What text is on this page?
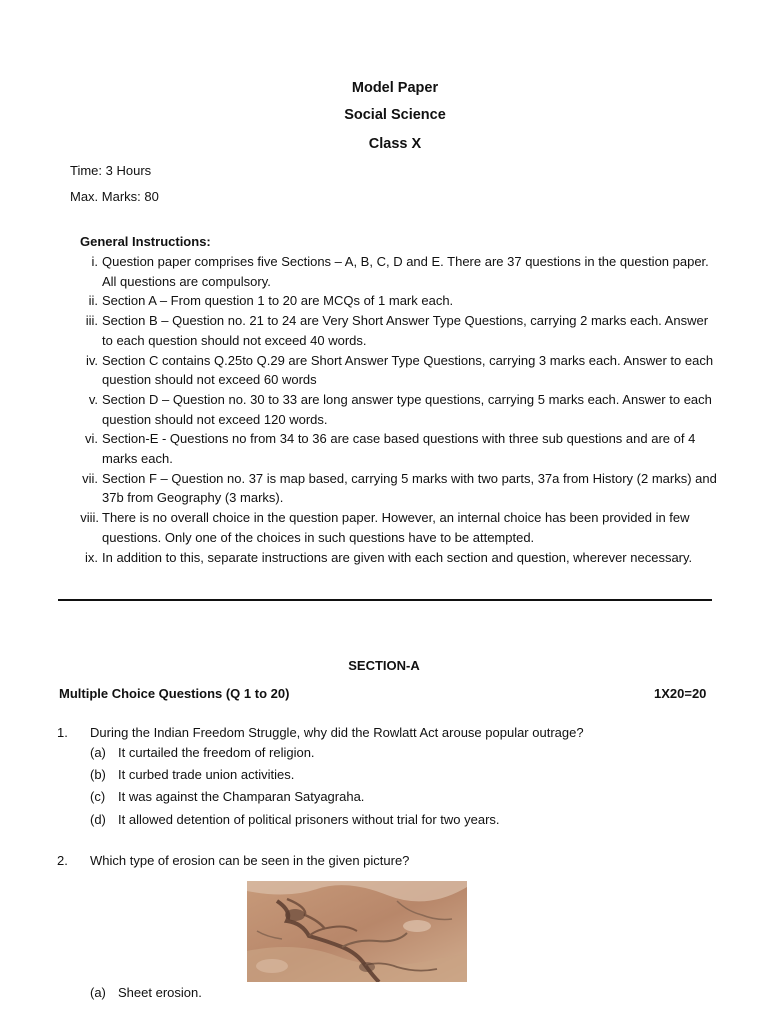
Model Paper
Social Science
Class X
Time: 3 Hours
Max. Marks: 80
General Instructions:
i. Question paper comprises five Sections – A, B, C, D and E. There are 37 questions in the question paper. All questions are compulsory.
ii. Section A – From question 1 to 20 are MCQs of 1 mark each.
iii. Section B – Question no. 21 to 24 are Very Short Answer Type Questions, carrying 2 marks each. Answer to each question should not exceed 40 words.
iv. Section C contains Q.25to Q.29 are Short Answer Type Questions, carrying 3 marks each. Answer to each question should not exceed 60 words
v. Section D – Question no. 30 to 33 are long answer type questions, carrying 5 marks each. Answer to each question should not exceed 120 words.
vi. Section-E - Questions no from 34 to 36 are case based questions with three sub questions and are of 4 marks each.
vii. Section F – Question no. 37 is map based, carrying 5 marks with two parts, 37a from History (2 marks) and 37b from Geography (3 marks).
viii. There is no overall choice in the question paper. However, an internal choice has been provided in few questions. Only one of the choices in such questions have to be attempted.
ix. In addition to this, separate instructions are given with each section and question, wherever necessary.
SECTION-A
Multiple Choice Questions (Q 1 to 20)	1X20=20
1. During the Indian Freedom Struggle, why did the Rowlatt Act arouse popular outrage?
(a) It curtailed the freedom of religion.
(b) It curbed trade union activities.
(c) It was against the Champaran Satyagraha.
(d) It allowed detention of political prisoners without trial for two years.
2. Which type of erosion can be seen in the given picture?
(a) Sheet erosion.
